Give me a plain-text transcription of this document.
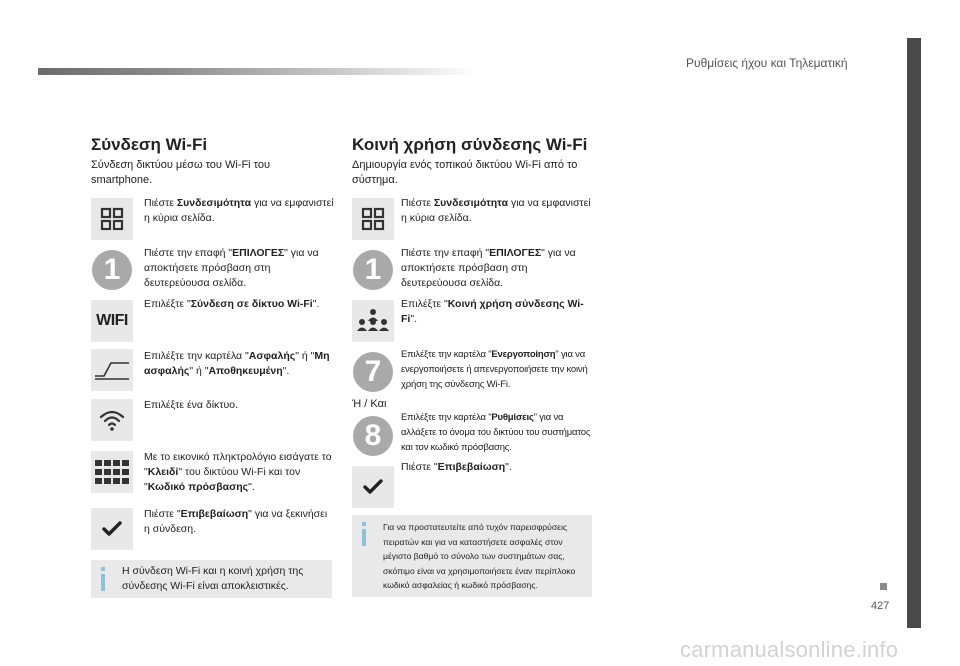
Ρυθμίσεις ήχου και Τηλεματική
427
carmanualsonline.info
Σύνδεση Wi-Fi
Σύνδεση δικτύου μέσω του Wi-Fi του smartphone.
Πιέστε Συνδεσιμότητα για να εμφανιστεί η κύρια σελίδα.
1	Πιέστε την επαφή "ΕΠΙΛΟΓΕΣ" για να αποκτήσετε πρόσβαση στη δευτερεύουσα σελίδα.
WIFI
Επιλέξτε "Σύνδεση σε δίκτυο Wi-Fi".
Επιλέξτε την καρτέλα "Ασφαλής" ή "Μη ασφαλής" ή "Αποθηκευμένη".
Επιλέξτε ένα δίκτυο.
Με το εικονικό πληκτρολόγιο εισάγατε το "Κλειδί" του δικτύου Wi-Fi και τον "Κωδικό πρόσβασης".
Πιέστε "Επιβεβαίωση" για να ξεκινήσει η σύνδεση.
Η σύνδεση Wi-Fi και η κοινή χρήση της σύνδεσης Wi-Fi είναι αποκλειστικές.
Κοινή χρήση σύνδεσης Wi-Fi
Δημιουργία ενός τοπικού δικτύου Wi-Fi από το σύστημα.
Πιέστε Συνδεσιμότητα για να εμφανιστεί η κύρια σελίδα.
1	Πιέστε την επαφή "ΕΠΙΛΟΓΕΣ" για να αποκτήσετε πρόσβαση στη δευτερεύουσα σελίδα.
Επιλέξτε "Κοινή χρήση σύνδεσης Wi-Fi".
7
Επιλέξτε την καρτέλα "Ενεργοποίηση" για να ενεργοποιήσετε ή απενεργοποιήσετε την κοινή χρήση της σύνδεσης Wi-Fi.
Ή / Και
8
Επιλέξτε την καρτέλα "Ρυθμίσεις" για να αλλάξετε το όνομα του δικτύου του συστήματος και τον κωδικό πρόσβασης.
Πιέστε "Επιβεβαίωση".
Για να προστατευτείτε από τυχόν παρεισφρύσεις πειρατών και για να καταστήσετε ασφαλές στον μέγιστο βαθμό το σύνολο των συστημάτων σας, σκόπιμο είναι να χρησιμοποιήσετε έναν περίπλοκο κωδικό ασφαλείας ή κωδικό πρόσβασης.
